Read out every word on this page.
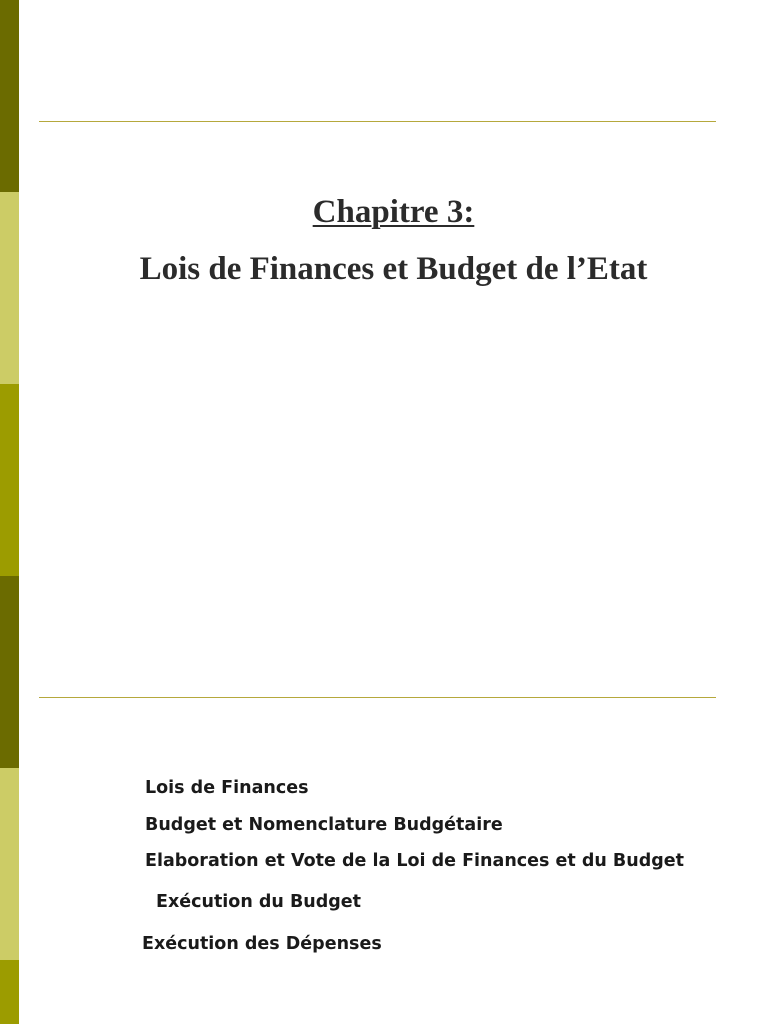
Chapitre 3:
Lois de Finances et Budget de l’Etat
Lois de Finances
Budget et Nomenclature Budgétaire
Elaboration et Vote de la Loi de Finances et du Budget
Exécution du Budget
Exécution des Dépenses
